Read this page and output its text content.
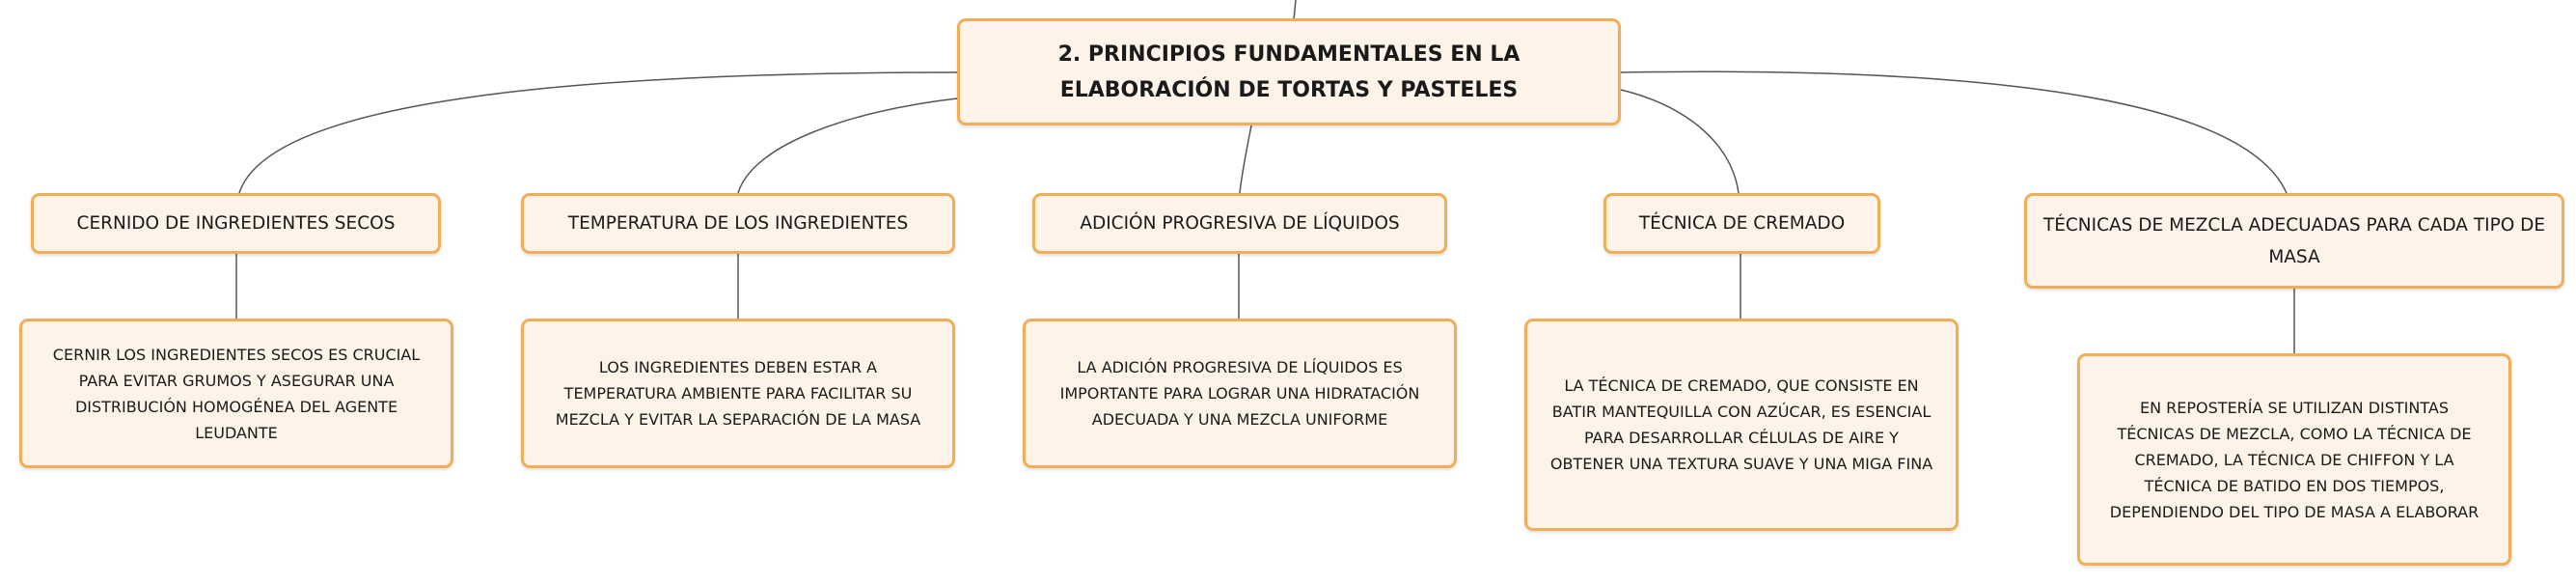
2. PRINCIPIOS FUNDAMENTALES EN LA ELABORACIÓN DE TORTAS Y PASTELES
CERNIDO DE INGREDIENTES SECOS	TEMPERATURA DE LOS INGREDIENTES	ADICIÓN PROGRESIVA DE LÍQUIDOS	TÉCNICA DE CREMADO	TÉCNICAS DE MEZCLA ADECUADAS PARA CADA TIPO DE MASA
CERNIR LOS INGREDIENTES SECOS ES CRUCIAL PARA EVITAR GRUMOS Y ASEGURAR UNA DISTRIBUCIÓN HOMOGÉNEA DEL AGENTE LEUDANTE
LOS INGREDIENTES DEBEN ESTAR A TEMPERATURA AMBIENTE PARA FACILITAR SU MEZCLA Y EVITAR LA SEPARACIÓN DE LA MASA
LA ADICIÓN PROGRESIVA DE LÍQUIDOS ES IMPORTANTE PARA LOGRAR UNA HIDRATACIÓN ADECUADA Y UNA MEZCLA UNIFORME
LA TÉCNICA DE CREMADO, QUE CONSISTE EN BATIR MANTEQUILLA CON AZÚCAR, ES ESENCIAL PARA DESARROLLAR CÉLULAS DE AIRE Y OBTENER UNA TEXTURA SUAVE Y UNA MIGA FINA
EN REPOSTERÍA SE UTILIZAN DISTINTAS TÉCNICAS DE MEZCLA, COMO LA TÉCNICA DE CREMADO, LA TÉCNICA DE CHIFFON Y LA TÉCNICA DE BATIDO EN DOS TIEMPOS, DEPENDIENDO DEL TIPO DE MASA A ELABORAR
